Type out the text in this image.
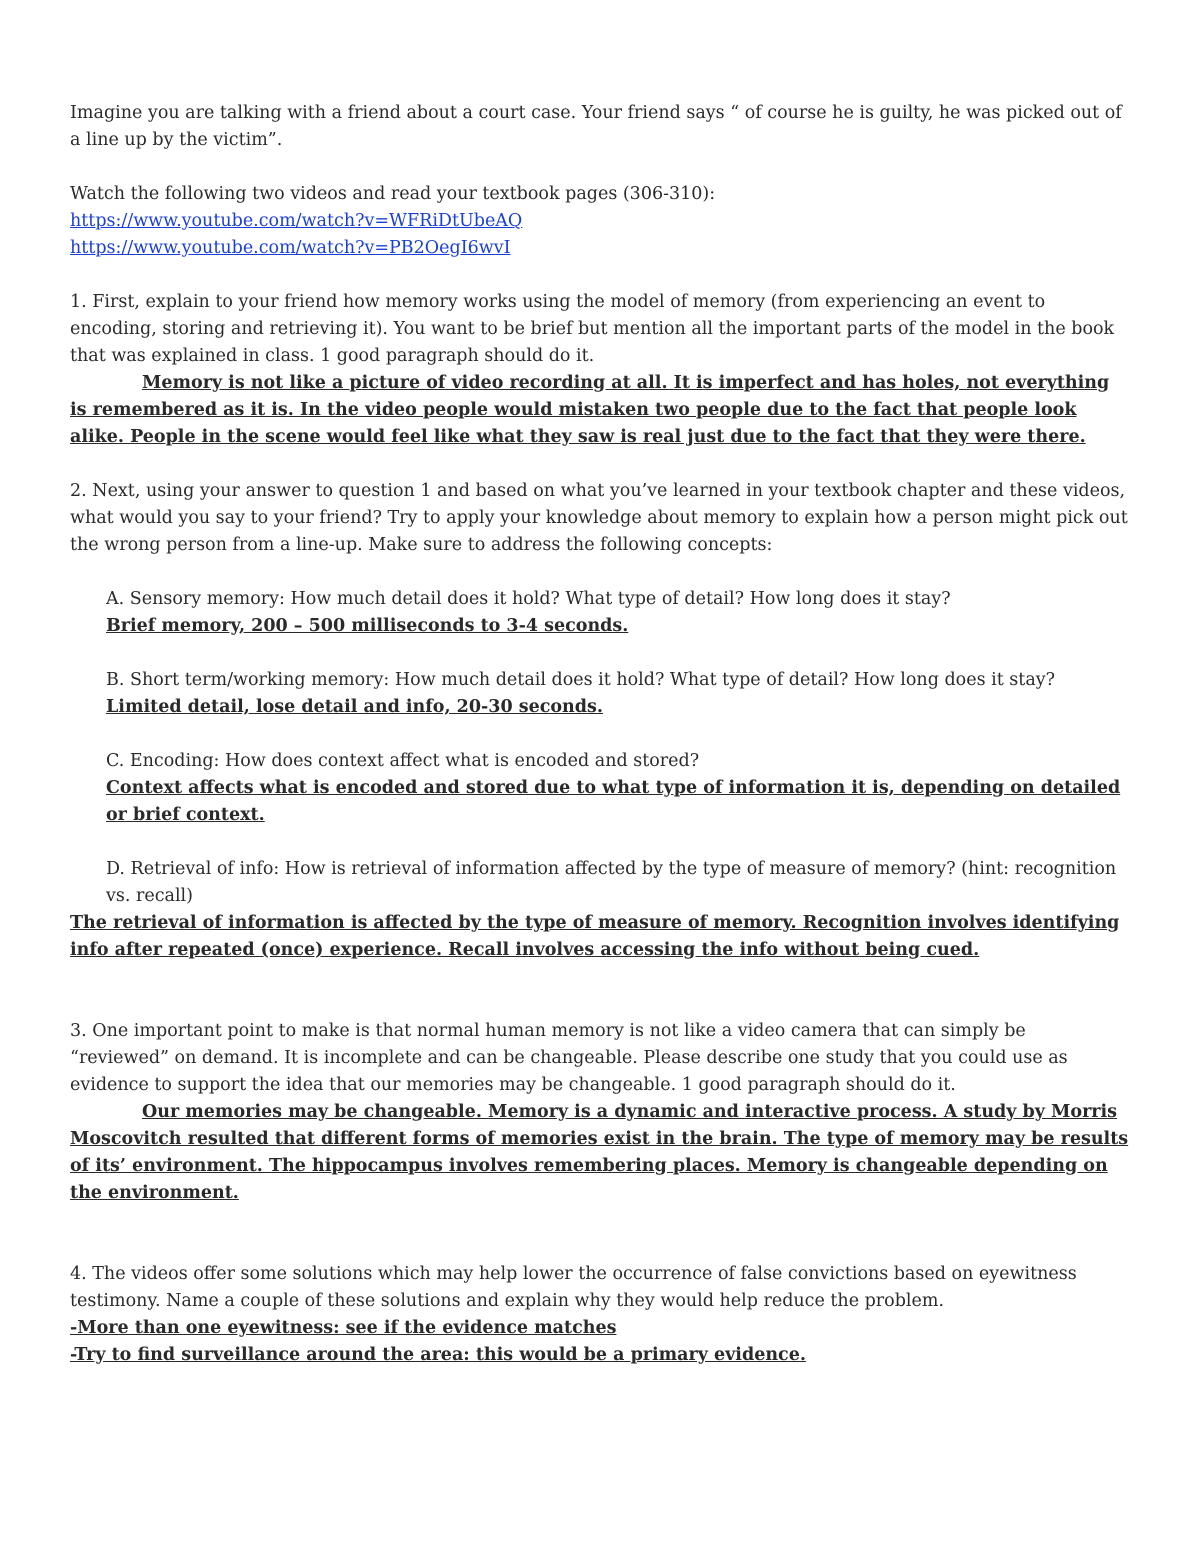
Imagine you are talking with a friend about a court case. Your friend says “ of course he is guilty, he was picked out of a line up by the victim”.

Watch the following two videos and read your textbook pages (306-310):

https://www.youtube.com/watch?v=WFRiDtUbeAQ
https://www.youtube.com/watch?v=PB2OegI6wvI

1. First, explain to your friend how memory works using the model of memory (from experiencing an event to encoding, storing and retrieving it). You want to be brief but mention all the important parts of the model in the book that was explained in class. 1 good paragraph should do it.

Memory is not like a picture of video recording at all. It is imperfect and has holes, not everything is remembered as it is. In the video people would mistaken two people due to the fact that people look alike. People in the scene would feel like what they saw is real just due to the fact that they were there.

2. Next, using your answer to question 1 and based on what you’ve learned in your textbook chapter and these videos, what would you say to your friend? Try to apply your knowledge about memory to explain how a person might pick out the wrong person from a line-up. Make sure to address the following concepts:

A. Sensory memory: How much detail does it hold? What type of detail? How long does it stay?

Brief memory, 200 – 500 milliseconds to 3-4 seconds.

B. Short term/working memory: How much detail does it hold? What type of detail? How long does it stay?

Limited detail, lose detail and info, 20-30 seconds.

C. Encoding: How does context affect what is encoded and stored?

Context affects what is encoded and stored due to what type of information it is, depending on detailed or brief context.

D. Retrieval of info: How is retrieval of information affected by the type of measure of memory? (hint: recognition vs. recall)

The retrieval of information is affected by the type of measure of memory. Recognition involves identifying info after repeated (once) experience. Recall involves accessing the info without being cued.

3. One important point to make is that normal human memory is not like a video camera that can simply be “reviewed” on demand. It is incomplete and can be changeable. Please describe one study that you could use as evidence to support the idea that our memories may be changeable. 1 good paragraph should do it.

Our memories may be changeable. Memory is a dynamic and interactive process. A study by Morris Moscovitch resulted that different forms of memories exist in the brain. The type of memory may be results of its’ environment. The hippocampus involves remembering places. Memory is changeable depending on the environment.

4. The videos offer some solutions which may help lower the occurrence of false convictions based on eyewitness testimony. Name a couple of these solutions and explain why they would help reduce the problem.

-More than one eyewitness: see if the evidence matches

-Try to find surveillance around the area: this would be a primary evidence.
